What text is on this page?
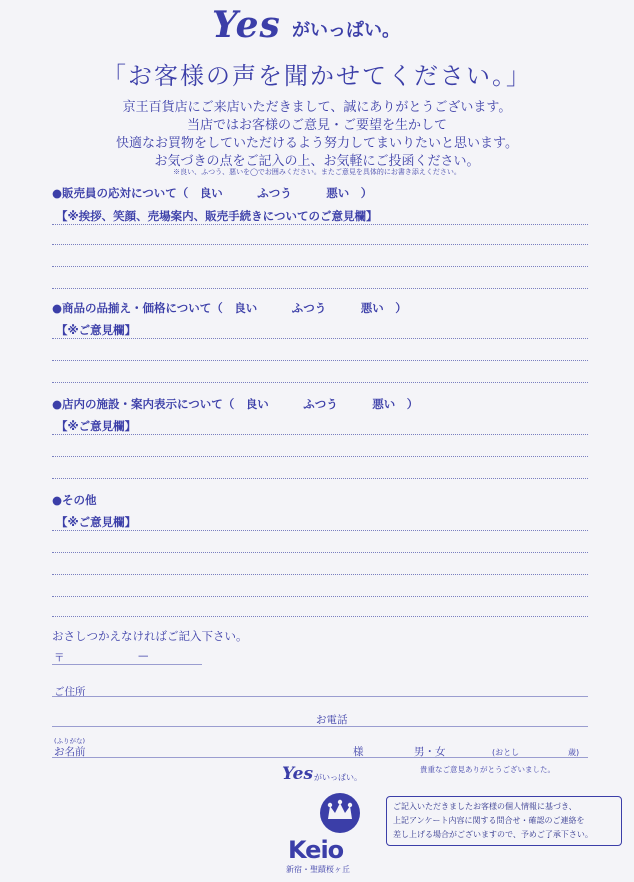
Yes がいっぱい。
「お客様の声を聞かせてください。」
京王百貨店にご来店いただきまして、誠にありがとうございます。
当店ではお客様のご意見・ご要望を生かして
快適なお買物をしていただけるよう努力してまいりたいと思います。
お気づきの点をご記入の上、お気軽にご投函ください。
※良い、ふつう、悪いを◯でお囲みください。またご意見を具体的にお書き添えください。
●販売員の応対について（　良い　　　ふつう　　　悪い　）
【※挨拶、笑顔、売場案内、販売手続きについてのご意見欄】
●商品の品揃え・価格について（　良い　　　ふつう　　　悪い　）
【※ご意見欄】
●店内の施設・案内表示について（　良い　　　ふつう　　　悪い　）
【※ご意見欄】
●その他
【※ご意見欄】
おさしつかえなければご記入下さい。
〒	—
ご住所
お電話
(ふりがな)
お名前	様	男・女	(おとし	歳)
貴重なご意見ありがとうございました。
Yes がいっぱい。
Keio
新宿・聖蹟桜ヶ丘
ご記入いただきましたお客様の個人情報に基づき、
上記アンケート内容に関する問合せ・確認のご連絡を
差し上げる場合がございますので、予めご了承下さい。
